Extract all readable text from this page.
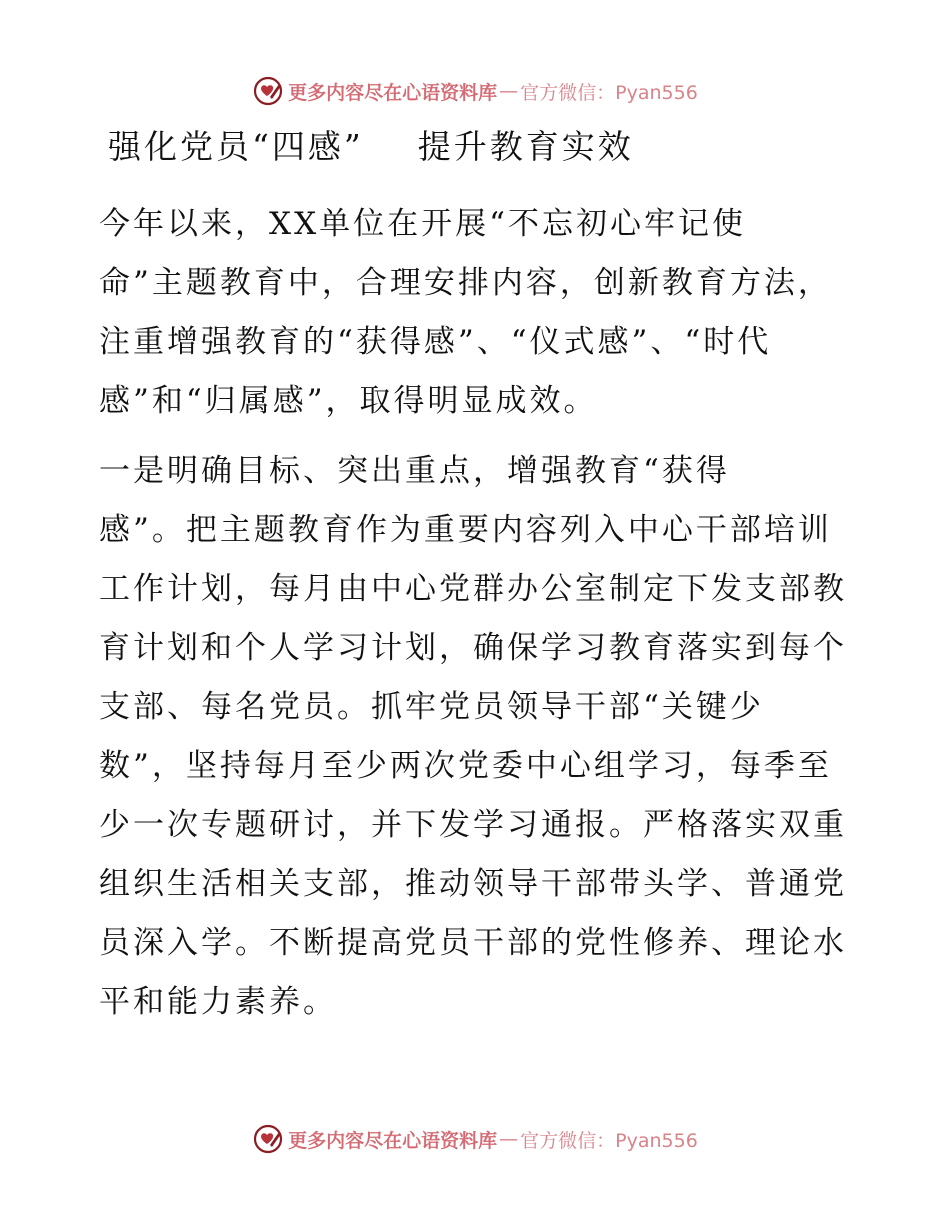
更多内容尽在心语资料库 — 官方微信：Pyan556
强化党员“四感”    提升教育实效
今年以来，XX单位在开展“不忘初心牢记使
命”主题教育中，合理安排内容，创新教育方法，
注重增强教育的“获得感”、“仪式感”、“时代
感”和“归属感”，取得明显成效。
一是明确目标、突出重点，增强教育“获得
感”。把主题教育作为重要内容列入中心干部培训
工作计划，每月由中心党群办公室制定下发支部教
育计划和个人学习计划，确保学习教育落实到每个
支部、每名党员。抓牢党员领导干部“关键少
数”，坚持每月至少两次党委中心组学习，每季至
少一次专题研讨，并下发学习通报。严格落实双重
组织生活相关支部，推动领导干部带头学、普通党
员深入学。不断提高党员干部的党性修养、理论水
平和能力素养。
更多内容尽在心语资料库 — 官方微信：Pyan556
